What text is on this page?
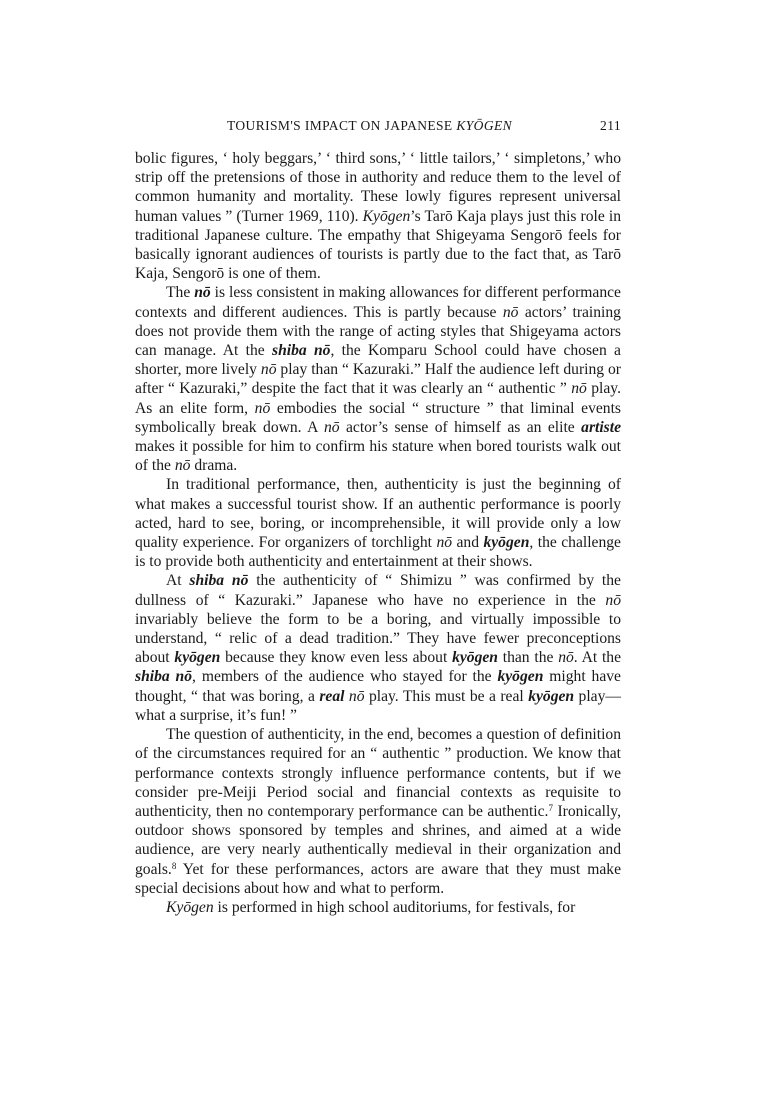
TOURISM'S IMPACT ON JAPANESE KYŌGEN	211

bolic figures, ‘ holy beggars,’ ‘ third sons,’ ‘ little tailors,’ ‘ simpletons,’ who strip off the pretensions of those in authority and reduce them to the level of common humanity and mortality. These lowly figures represent universal human values ” (Turner 1969, 110). Kyōgen’s Tarō Kaja plays just this role in traditional Japanese culture. The empathy that Shigeyama Sengorō feels for basically ignorant audiences of tourists is partly due to the fact that, as Tarō Kaja, Sengorō is one of them.

The nō is less consistent in making allowances for different performance contexts and different audiences. This is partly because nō actors’ training does not provide them with the range of acting styles that Shigeyama actors can manage. At the shiba nō, the Komparu School could have chosen a shorter, more lively nō play than “ Kazuraki.” Half the audience left during or after “ Kazuraki,” despite the fact that it was clearly an “ authentic ” nō play. As an elite form, nō embodies the social “ structure ” that liminal events symbolically break down. A nō actor’s sense of himself as an elite artiste makes it possible for him to confirm his stature when bored tourists walk out of the nō drama.

In traditional performance, then, authenticity is just the beginning of what makes a successful tourist show. If an authentic performance is poorly acted, hard to see, boring, or incomprehensible, it will provide only a low quality experience. For organizers of torchlight nō and kyōgen, the challenge is to provide both authenticity and entertainment at their shows.

At shiba nō the authenticity of “ Shimizu ” was confirmed by the dullness of “ Kazuraki.” Japanese who have no experience in the nō invariably believe the form to be a boring, and virtually impossible to understand, “ relic of a dead tradition.” They have fewer preconceptions about kyōgen because they know even less about kyōgen than the nō. At the shiba nō, members of the audience who stayed for the kyōgen might have thought, “ that was boring, a real nō play. This must be a real kyōgen play—what a surprise, it’s fun! ”

The question of authenticity, in the end, becomes a question of definition of the circumstances required for an “ authentic ” production. We know that performance contexts strongly influence performance contents, but if we consider pre-Meiji Period social and financial contexts as requisite to authenticity, then no contemporary performance can be authentic.$^7$ Ironically, outdoor shows sponsored by temples and shrines, and aimed at a wide audience, are very nearly authentically medieval in their organization and goals.$^8$ Yet for these performances, actors are aware that they must make special decisions about how and what to perform.

Kyōgen is performed in high school auditoriums, for festivals, for
